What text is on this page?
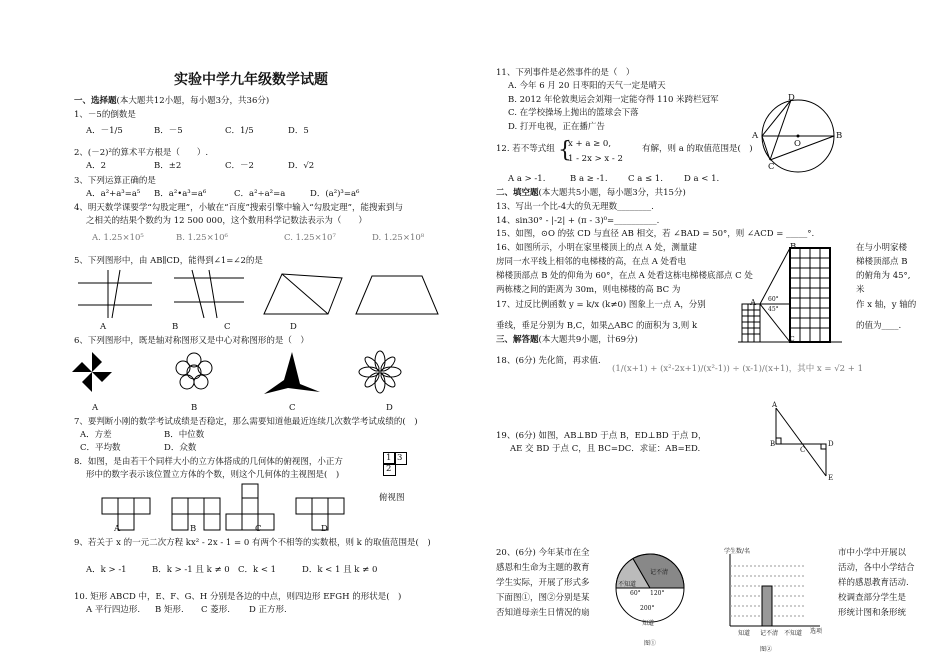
实验中学九年级数学试题
一、选择题(本大题共12小题，每小题3分，共36分)
1、－5的倒数是
A．－1/5	B．－5	C．1/5	D．5
2、(－2)²的算术平方根是（　　）.
A．2	B．±2	C．－2	D．√2
3、下列运算正确的是
A．a²+a³=a⁵ B．a²•a³=a⁶	C．a²÷a²=a	D．(a²)³=a⁶
4、明天数学课要学“勾股定理”，小敏在“百度”搜索引擎中输入“勾股定理”，能搜索到与
之相关的结果个数约为 12 500 000，这个数用科学记数法表示为（　　）
A. 1.25×10⁵	B. 1.25×10⁶	C. 1.25×10⁷	D. 1.25×10⁸
5、下列图形中，由 AB∥CD，能得到∠1=∠2的是
A	B	C	D
6、下列图形中，既是轴对称图形又是中心对称图形的是（　）
A	B	C	D
7、要判断小刚的数学考试成绩是否稳定，那么需要知道他最近连续几次数学考试成绩的(　)
A．方差	B．中位数
C．平均数	D．众数
8．如图，是由若干个同样大小的立方体搭成的几何体的俯视图，小正方
形中的数字表示该位置立方体的个数，则这个几何体的主视图是(　)
1 3
2
俯视图
A	B	C	D
9、若关于 x 的一元二次方程 kx² - 2x - 1 = 0 有两个不相等的实数根，则 k 的取值范围是(　)
A．k > -1	B．k > -1 且 k ≠ 0 C．k < 1	D．k < 1 且 k ≠ 0
10. 矩形 ABCD 中，E、F、G、H 分别是各边的中点，则四边形 EFGH 的形状是(　)
A 平行四边形. B 矩形. C 菱形. D 正方形.
11、下列事件是必然事件的是（　）
A. 今年 6 月 20 日枣阳的天气一定是晴天
B. 2012 年伦敦奥运会刘翔一定能夺得 110 米跨栏冠军
C. 在学校操场上抛出的篮球会下落
D. 打开电视，正在播广告
12. 若不等式组 {
x + a ≥ 0,
1 - 2x > x - 2
有解，则 a 的取值范围是(　)
A a > -1.	B a ≥ -1. C a ≤ 1. D a < 1.
D
A
O
B
C
二、填空题(本大题共5小题，每小题3分，共15分)
13、写出一个比-4大的负无理数________.
14、sin30° - |-2| + (π - 3)⁰=__________.
15、如图，⊙O 的弦 CD 与直径 AB 相交，若 ∠BAD = 50°，则 ∠ACD = _____°.
16、如图所示，小明在家里楼顶上的点 A 处，测量建
房同一水平线上相邻的电梯楼的高，在点 A 处看电
梯楼顶部点 B 处的仰角为 60°，在点 A 处看这栋电梯楼底部点 C 处
两栋楼之间的距离为 30m，则电梯楼的高 BC 为
在与小明家楼
梯楼顶部点 B
的俯角为 45°,
米
B
A
C
60°
45°
17、过反比例函数 y = k/x (k≠0) 图象上一点 A，分别
垂线，垂足分别为 B,C，如果△ABC 的面积为 3,则 k
作 x 轴，y 轴的
的值为____.
三、解答题(本大题共9小题，计69分)
18、(6分) 先化简，再求值.
(1/(x+1) + (x²-2x+1)/(x²-1)) ÷ (x-1)/(x+1)，其中 x = √2 + 1
19、(6分) 如图，AB⊥BD 于点 B，ED⊥BD 于点 D，
AE 交 BD 于点 C，且 BC=DC．求证：AB=ED.
A
B
C
D
E
20、(6分) 今年某市在全
感恩和生命为主题的教育
学生实际，开展了形式多
下面图①，图②分别是某
否知道母亲生日情况的扇
市中小学中开展以
活动，各中小学结合
样的感恩教育活动.
校调查部分学生是
形统计图和条形统
不知道
记不清
60° 120°
200°
知道
图①
学生数/名
选项
知道 记不清 不知道
图②
